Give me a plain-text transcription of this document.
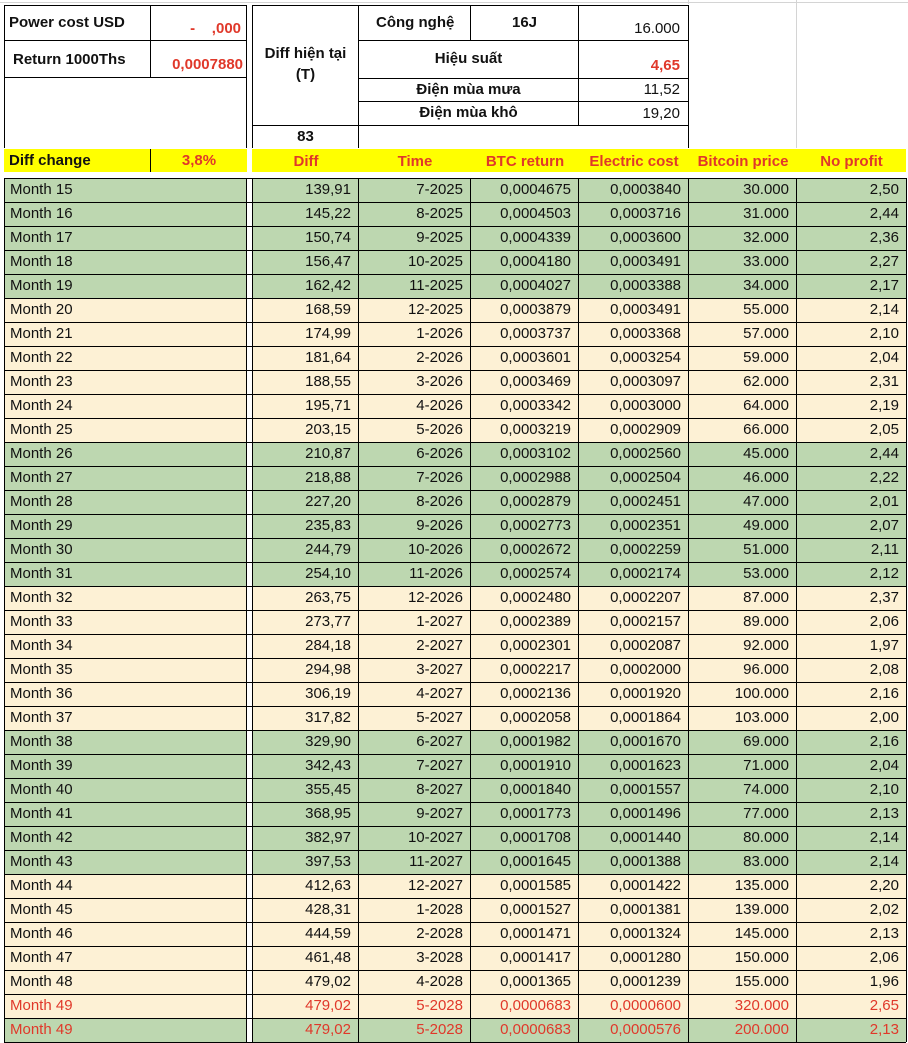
Power cost USD	-    ,000
Return 1000Ths	0,0007880
Diff hiện tại
(T)
83
Công nghệ	16J	16.000
Hiệu suất	4,65
Điện mùa mưa	11,52
Điện mùa khô	19,20
Diff change	3,8%	Diff	Time	BTC return	Electric cost	Bitcoin price	No profit
Month 15	139,91	7-2025	0,0004675	0,0003840	30.000	2,50
Month 16	145,22	8-2025	0,0004503	0,0003716	31.000	2,44
Month 17	150,74	9-2025	0,0004339	0,0003600	32.000	2,36
Month 18	156,47	10-2025	0,0004180	0,0003491	33.000	2,27
Month 19	162,42	11-2025	0,0004027	0,0003388	34.000	2,17
Month 20	168,59	12-2025	0,0003879	0,0003491	55.000	2,14
Month 21	174,99	1-2026	0,0003737	0,0003368	57.000	2,10
Month 22	181,64	2-2026	0,0003601	0,0003254	59.000	2,04
Month 23	188,55	3-2026	0,0003469	0,0003097	62.000	2,31
Month 24	195,71	4-2026	0,0003342	0,0003000	64.000	2,19
Month 25	203,15	5-2026	0,0003219	0,0002909	66.000	2,05
Month 26	210,87	6-2026	0,0003102	0,0002560	45.000	2,44
Month 27	218,88	7-2026	0,0002988	0,0002504	46.000	2,22
Month 28	227,20	8-2026	0,0002879	0,0002451	47.000	2,01
Month 29	235,83	9-2026	0,0002773	0,0002351	49.000	2,07
Month 30	244,79	10-2026	0,0002672	0,0002259	51.000	2,11
Month 31	254,10	11-2026	0,0002574	0,0002174	53.000	2,12
Month 32	263,75	12-2026	0,0002480	0,0002207	87.000	2,37
Month 33	273,77	1-2027	0,0002389	0,0002157	89.000	2,06
Month 34	284,18	2-2027	0,0002301	0,0002087	92.000	1,97
Month 35	294,98	3-2027	0,0002217	0,0002000	96.000	2,08
Month 36	306,19	4-2027	0,0002136	0,0001920	100.000	2,16
Month 37	317,82	5-2027	0,0002058	0,0001864	103.000	2,00
Month 38	329,90	6-2027	0,0001982	0,0001670	69.000	2,16
Month 39	342,43	7-2027	0,0001910	0,0001623	71.000	2,04
Month 40	355,45	8-2027	0,0001840	0,0001557	74.000	2,10
Month 41	368,95	9-2027	0,0001773	0,0001496	77.000	2,13
Month 42	382,97	10-2027	0,0001708	0,0001440	80.000	2,14
Month 43	397,53	11-2027	0,0001645	0,0001388	83.000	2,14
Month 44	412,63	12-2027	0,0001585	0,0001422	135.000	2,20
Month 45	428,31	1-2028	0,0001527	0,0001381	139.000	2,02
Month 46	444,59	2-2028	0,0001471	0,0001324	145.000	2,13
Month 47	461,48	3-2028	0,0001417	0,0001280	150.000	2,06
Month 48	479,02	4-2028	0,0001365	0,0001239	155.000	1,96
Month 49	479,02	5-2028	0,0000683	0,0000600	320.000	2,65
Month 49	479,02	5-2028	0,0000683	0,0000576	200.000	2,13
